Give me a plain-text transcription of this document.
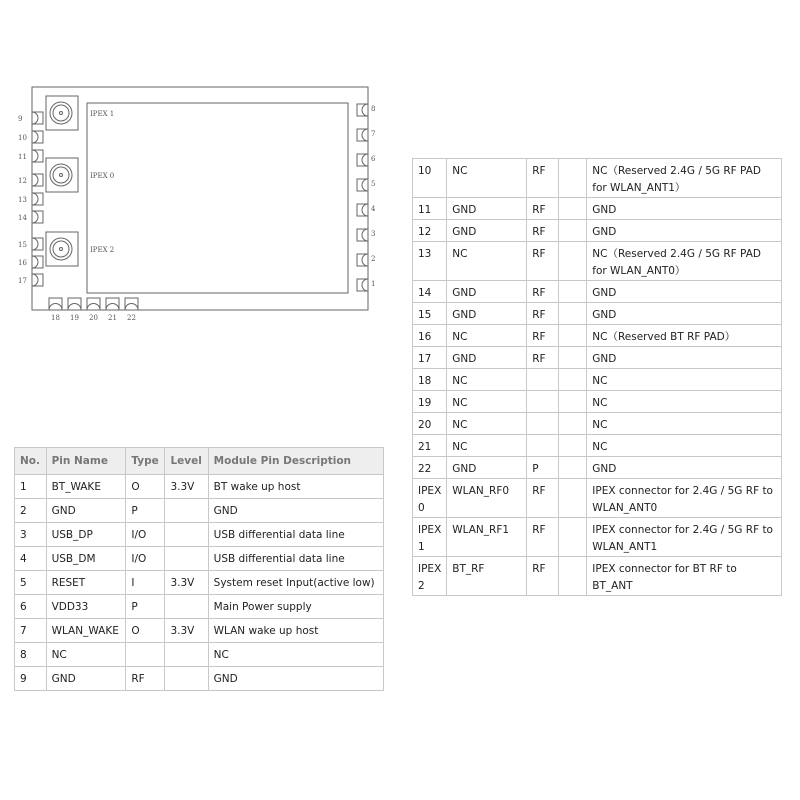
IPEX 1
IPEX 0
IPEX 2
9
10
11
12
13
14
15
16
17
8
7
6
5
4
3
2
1
18 19 20 21 22
No.	Pin Name	Type	Level	Module Pin Description
1	BT_WAKE	O	3.3V	BT wake up host
2	GND	P		GND
3	USB_DP	I/O		USB differential data line
4	USB_DM	I/O		USB differential data line
5	RESET	I	3.3V	System reset Input(active low)
6	VDD33	P		Main Power supply
7	WLAN_WAKE	O	3.3V	WLAN wake up host
8	NC			NC
9	GND	RF		GND
10	NC	RF		NC（Reserved 2.4G / 5G RF PAD for WLAN_ANT1）
11	GND	RF		GND
12	GND	RF		GND
13	NC	RF		NC（Reserved 2.4G / 5G RF PAD for WLAN_ANT0）
14	GND	RF		GND
15	GND	RF		GND
16	NC	RF		NC（Reserved BT RF PAD）
17	GND	RF		GND
18	NC			NC
19	NC			NC
20	NC			NC
21	NC			NC
22	GND	P		GND
IPEX 0	WLAN_RF0	RF		IPEX connector for 2.4G / 5G RF to WLAN_ANT0
IPEX 1	WLAN_RF1	RF		IPEX connector for 2.4G / 5G RF to WLAN_ANT1
IPEX 2	BT_RF	RF		IPEX connector for BT RF to BT_ANT
